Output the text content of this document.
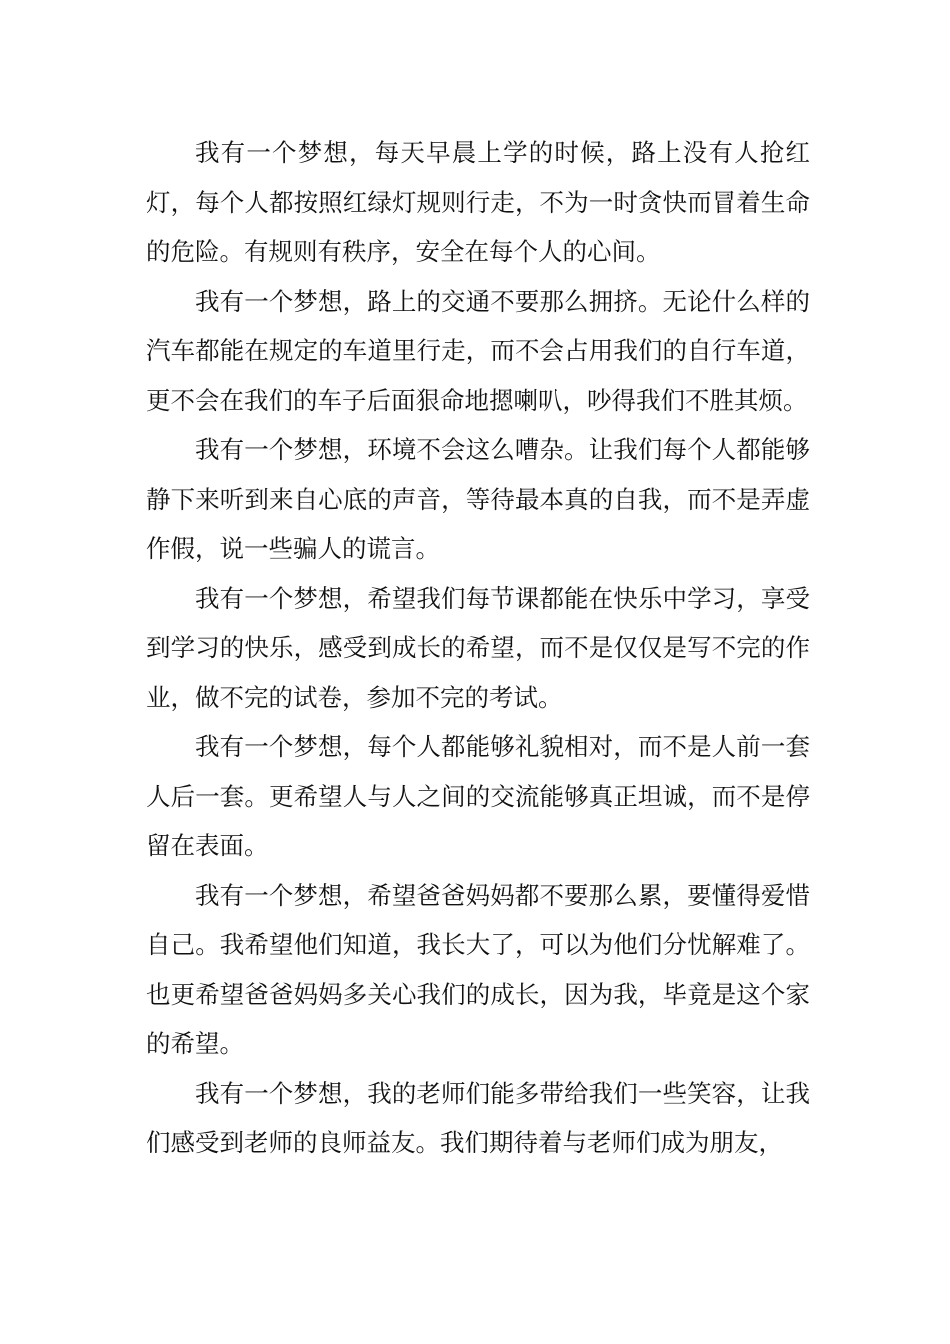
我有一个梦想，每天早晨上学的时候，路上没有人抢红灯，每个人都按照红绿灯规则行走，不为一时贪快而冒着生命的危险。有规则有秩序，安全在每个人的心间。

我有一个梦想，路上的交通不要那么拥挤。无论什么样的汽车都能在规定的车道里行走，而不会占用我们的自行车道，更不会在我们的车子后面狠命地摁喇叭，吵得我们不胜其烦。

我有一个梦想，环境不会这么嘈杂。让我们每个人都能够静下来听到来自心底的声音，等待最本真的自我，而不是弄虚作假，说一些骗人的谎言。

我有一个梦想，希望我们每节课都能在快乐中学习，享受到学习的快乐，感受到成长的希望，而不是仅仅是写不完的作业，做不完的试卷，参加不完的考试。

我有一个梦想，每个人都能够礼貌相对，而不是人前一套人后一套。更希望人与人之间的交流能够真正坦诚，而不是停留在表面。

我有一个梦想，希望爸爸妈妈都不要那么累，要懂得爱惜自己。我希望他们知道，我长大了，可以为他们分忧解难了。也更希望爸爸妈妈多关心我们的成长，因为我，毕竟是这个家的希望。

我有一个梦想，我的老师们能多带给我们一些笑容，让我们感受到老师的良师益友。我们期待着与老师们成为朋友，
